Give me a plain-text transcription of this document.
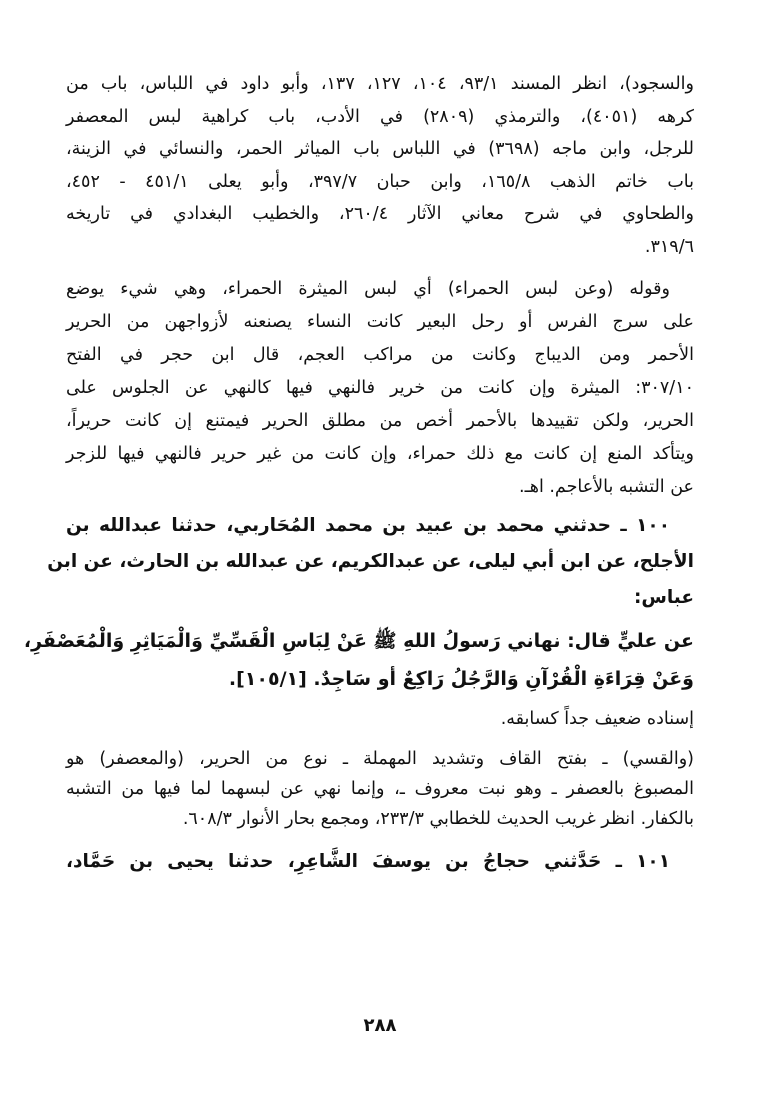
والسجود)، انظر المسند ٩٣/١، ١٠٤، ١٢٧، ١٣٧، وأبو داود في اللباس، باب من
كرهه (٤٠٥١)، والترمذي (٢٨٠٩) في الأدب، باب كراهية لبس المعصفر
للرجل، وابن ماجه (٣٦٩٨) في اللباس باب المياثر الحمر، والنسائي في الزينة،
باب خاتم الذهب ١٦٥/٨، وابن حبان ٣٩٧/٧، وأبو يعلى ٤٥١/١ - ٤٥٢،
والطحاوي في شرح معاني الآثار ٢٦٠/٤، والخطيب البغدادي في تاريخه
٣١٩/٦.
وقوله (وعن لبس الحمراء) أي لبس الميثرة الحمراء، وهي شيء يوضع
على سرج الفرس أو رحل البعير كانت النساء يصنعنه لأزواجهن من الحرير
الأحمر ومن الديباج وكانت من مراكب العجم، قال ابن حجر في الفتح
٣٠٧/١٠: الميثرة وإن كانت من خرير فالنهي فيها كالنهي عن الجلوس على
الحرير، ولكن تقييدها بالأحمر أخص من مطلق الحرير فيمتنع إن كانت حريراً،
ويتأكد المنع إن كانت مع ذلك حمراء، وإن كانت من غير حرير فالنهي فيها للزجر
عن التشبه بالأعاجم. اهـ.
١٠٠ ـ حدثني محمد بن عبيد بن محمد المُحَاربي، حدثنا عبدالله بن
الأجلح، عن ابن أبي ليلى، عن عبدالكريم، عن عبدالله بن الحارث، عن ابن
عباس:
عن عليٍّ قال: نهاني رَسولُ اللهِ ﷺ عَنْ لِبَاسِ الْقَسِّيِّ وَالْمَيَاثِرِ وَالْمُعَصْفَرِ،
وَعَنْ قِرَاءَةِ الْقُرْآنِ وَالرَّجُلُ رَاكِعٌ أو سَاجِدٌ. [١٠٥/١].
إسناده ضعيف جداً كسابقه.
(والقسي) ـ بفتح القاف وتشديد المهملة ـ نوع من الحرير، (والمعصفر) هو
المصبوغ بالعصفر ـ وهو نبت معروف ـ، وإنما نهي عن لبسهما لما فيها من التشبه
بالكفار. انظر غريب الحديث للخطابي ٢٣٣/٣، ومجمع بحار الأنوار ٦٠٨/٣.
١٠١ ـ حَدَّثني حجاجُ بن يوسفَ الشَّاعِرِ، حدثنا يحيى بن حَمَّاد،
٢٨٨
